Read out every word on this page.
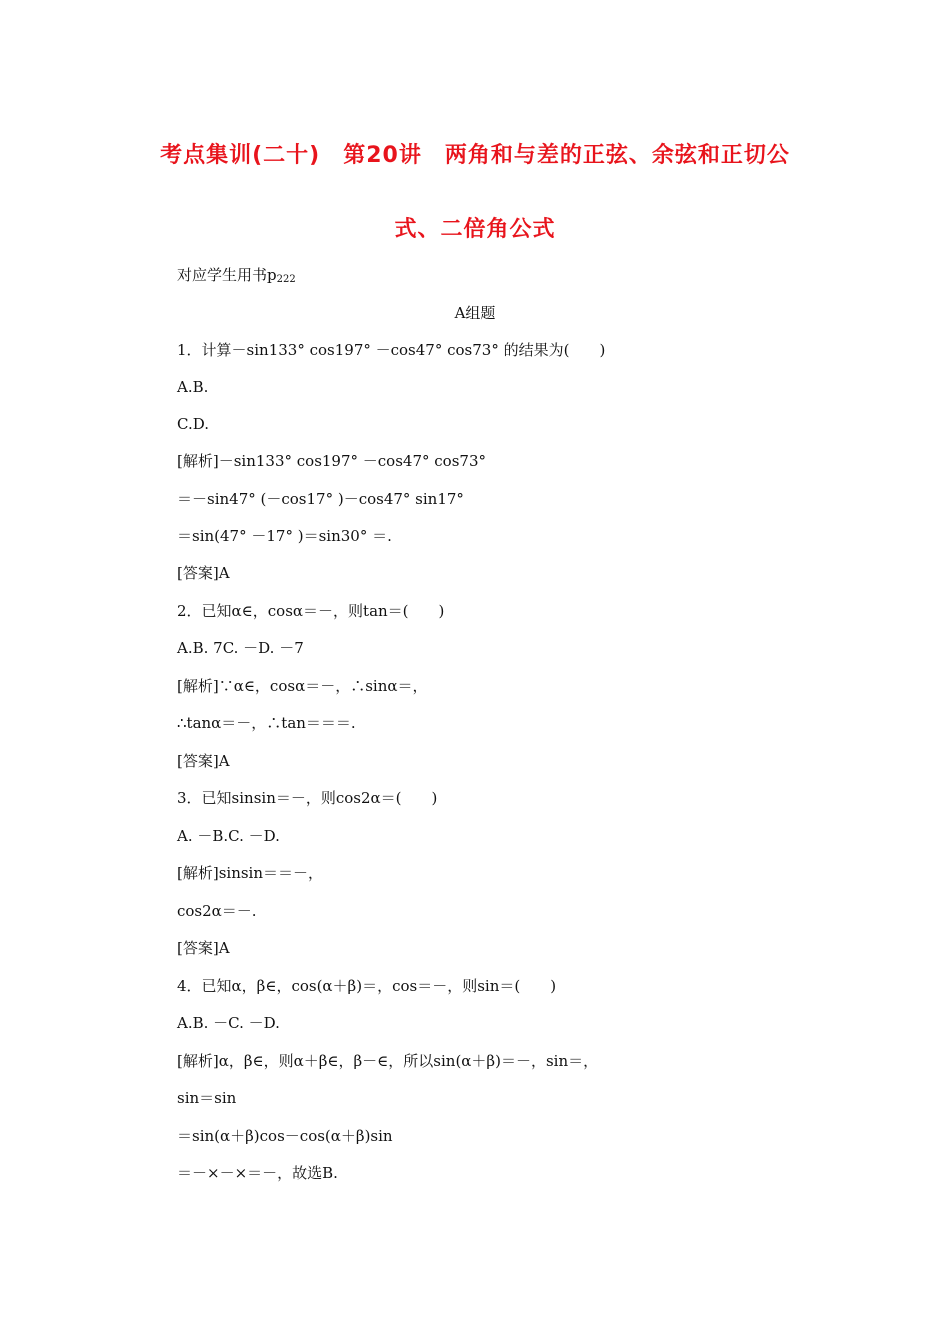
考点集训(二十)　第20讲　两角和与差的正弦、余弦和正切公
式、二倍角公式
对应学生用书$p_{222}$
A组题
1．计算－sin133° cos197° －cos47° cos73° 的结果为(　　)
A.B.
C.D.
[解析]－sin133° cos197° －cos47° cos73°
＝－sin47° (－cos17° )－cos47° sin17°
＝sin(47° －17° )＝sin30° ＝.
[答案]A
2．已知α∈，cosα＝－，则tan＝(　　)
A.B. 7C. －D. －7
[解析]∵α∈，cosα＝－，∴sinα＝，
∴tanα＝－，∴tan＝＝＝.
[答案]A
3．已知sinsin＝－，则cos2α＝(　　)
A. －B.C. －D.
[解析]sinsin＝＝－，
cos2α＝－.
[答案]A
4．已知α，β∈，cos(α＋β)＝，cos＝－，则sin＝(　　)
A.B. －C. －D.
[解析]α，β∈，则α＋β∈，β－∈，所以sin(α＋β)＝－，sin＝，
sin＝sin
＝sin(α＋β)cos－cos(α＋β)sin
＝－×－×＝－，故选B.
